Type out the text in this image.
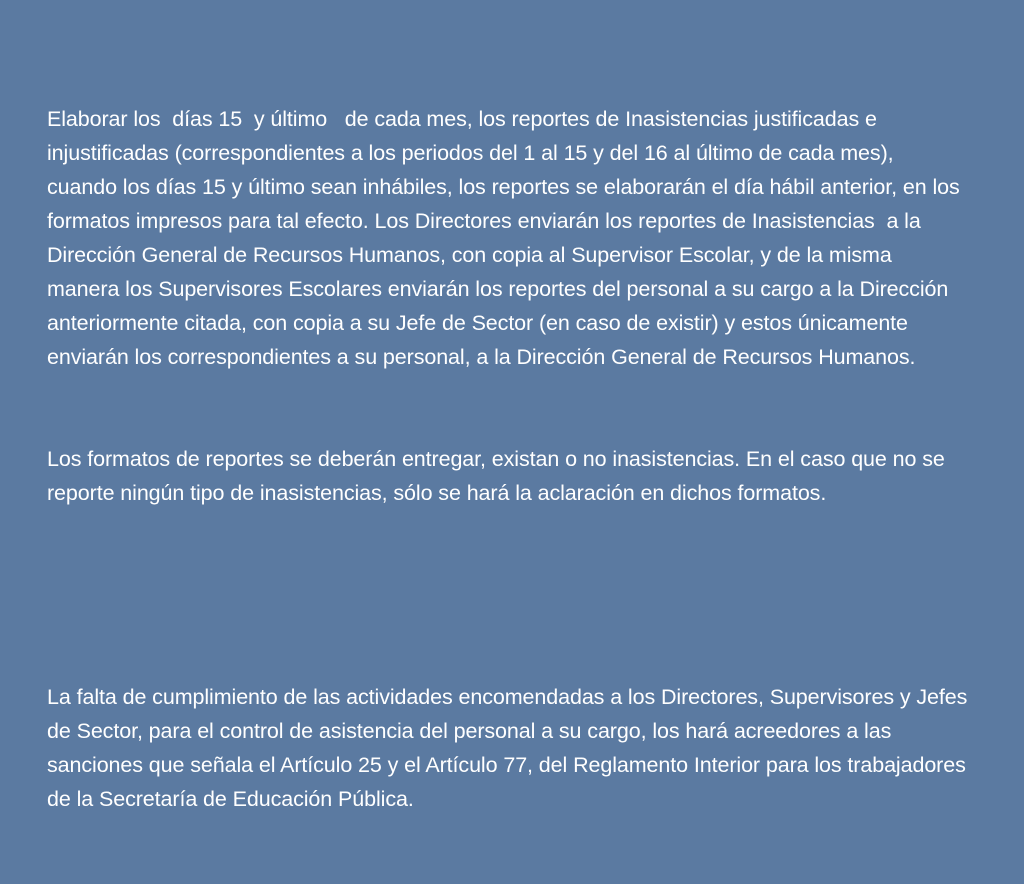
Elaborar los  días 15  y último   de cada mes, los reportes de Inasistencias justificadas e injustificadas (correspondientes a los periodos del 1 al 15 y del 16 al último de cada mes), cuando los días 15 y último sean inhábiles, los reportes se elaborarán el día hábil anterior, en los formatos impresos para tal efecto. Los Directores enviarán los reportes de Inasistencias  a la Dirección General de Recursos Humanos, con copia al Supervisor Escolar, y de la misma manera los Supervisores Escolares enviarán los reportes del personal a su cargo a la Dirección anteriormente citada, con copia a su Jefe de Sector (en caso de existir) y estos únicamente enviarán los correspondientes a su personal, a la Dirección General de Recursos Humanos.

Los formatos de reportes se deberán entregar, existan o no inasistencias. En el caso que no se reporte ningún tipo de inasistencias, sólo se hará la aclaración en dichos formatos.

La falta de cumplimiento de las actividades encomendadas a los Directores, Supervisores y Jefes de Sector, para el control de asistencia del personal a su cargo, los hará acreedores a las sanciones que señala el Artículo 25 y el Artículo 77, del Reglamento Interior para los trabajadores de la Secretaría de Educación Pública.
